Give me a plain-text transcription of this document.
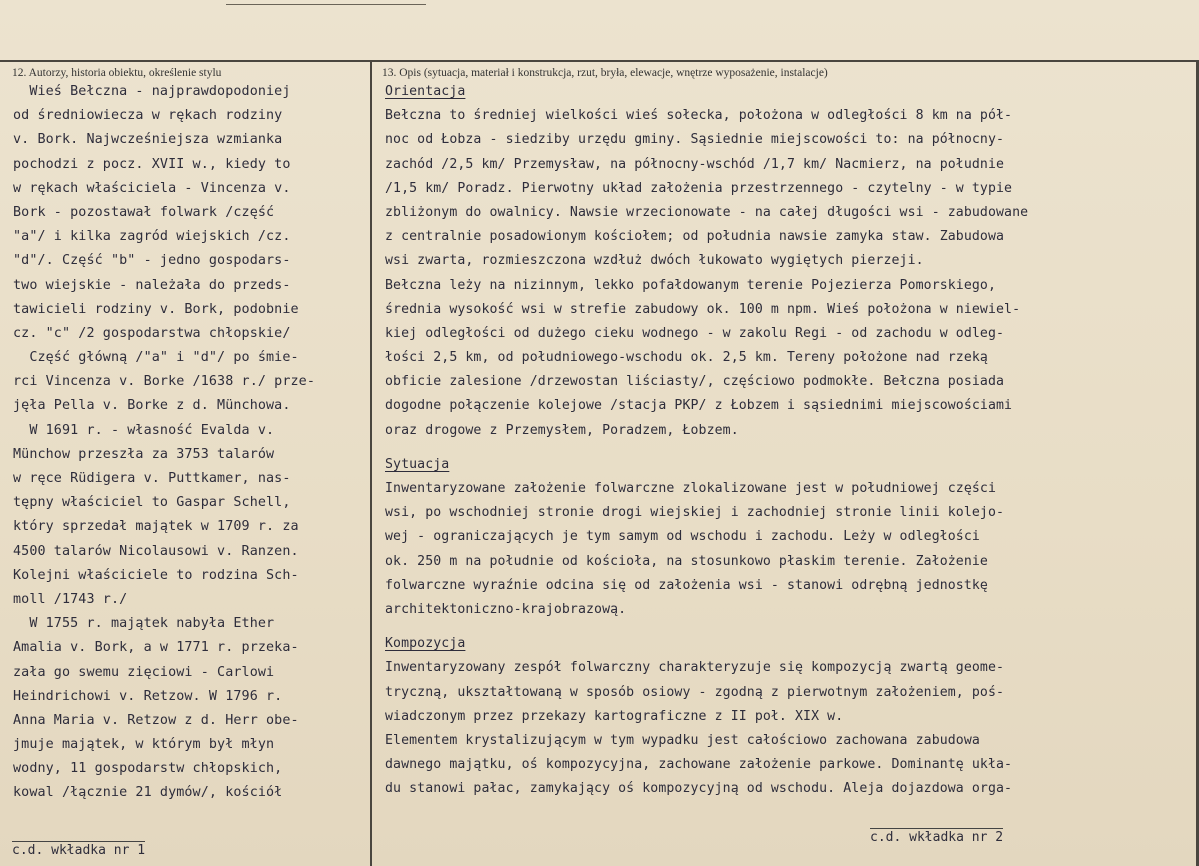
12. Autorzy, historia obiektu, określenie stylu	13. Opis (sytuacja, materiał i konstrukcja, rzut, bryła, elewacje, wnętrze wyposażenie, instalacje)
Wieś Bełczna - najprawdopodoniej
od średniowiecza w rękach rodziny
v. Bork. Najwcześniejsza wzmianka
pochodzi z pocz. XVII w., kiedy to
w rękach właściciela - Vincenza v.
Bork - pozostawał folwark /część
"a"/ i kilka zagród wiejskich /cz.
"d"/. Część "b" - jedno gospodars-
two wiejskie - należała do przeds-
tawicieli rodziny v. Bork, podobnie
cz. "c" /2 gospodarstwa chłopskie/
Część główną /"a" i "d"/ po śmie-
rci Vincenza v. Borke /1638 r./ prze-
jęła Pella v. Borke z d. Münchowa.
W 1691 r. - własność Evalda v.
Münchow przeszła za 3753 talarów
w ręce Rüdigera v. Puttkamer, nas-
tępny właściciel to Gaspar Schell,
który sprzedał majątek w 1709 r. za
4500 talarów Nicolausowi v. Ranzen.
Kolejni właściciele to rodzina Sch-
moll /1743 r./
W 1755 r. majątek nabyła Ether
Amalia v. Bork, a w 1771 r. przeka-
zała go swemu zięciowi - Carlowi
Heindrichowi v. Retzow. W 1796 r.
Anna Maria v. Retzow z d. Herr obe-
jmuje majątek, w którym był młyn
wodny, 11 gospodarstw chłopskich,
kowal /łącznie 21 dymów/, kościół
Orientacja
Bełczna to średniej wielkości wieś sołecka, położona w odległości 8 km na pół-
noc od Łobza - siedziby urzędu gminy. Sąsiednie miejscowości to: na północny-
zachód /2,5 km/ Przemysław, na północny-wschód /1,7 km/ Nacmierz, na południe
/1,5 km/ Poradz. Pierwotny układ założenia przestrzennego - czytelny - w typie
zbliżonym do owalnicy. Nawsie wrzecionowate - na całej długości wsi - zabudowane
z centralnie posadowionym kościołem; od południa nawsie zamyka staw. Zabudowa
wsi zwarta, rozmieszczona wzdłuż dwóch łukowato wygiętych pierzeji.
Bełczna leży na nizinnym, lekko pofałdowanym terenie Pojezierza Pomorskiego,
średnia wysokość wsi w strefie zabudowy ok. 100 m npm. Wieś położona w niewiel-
kiej odległości od dużego cieku wodnego - w zakolu Regi - od zachodu w odleg-
łości 2,5 km, od południowego-wschodu ok. 2,5 km. Tereny położone nad rzeką
obficie zalesione /drzewostan liściasty/, częściowo podmokłe. Bełczna posiada
dogodne połączenie kolejowe /stacja PKP/ z Łobzem i sąsiednimi miejscowościami
oraz drogowe z Przemysłem, Poradzem, Łobzem.
Sytuacja
Inwentaryzowane założenie folwarczne zlokalizowane jest w południowej części
wsi, po wschodniej stronie drogi wiejskiej i zachodniej stronie linii kolejo-
wej - ograniczających je tym samym od wschodu i zachodu. Leży w odległości
ok. 250 m na południe od kościoła, na stosunkowo płaskim terenie. Założenie
folwarczne wyraźnie odcina się od założenia wsi - stanowi odrębną jednostkę
architektoniczno-krajobrazową.
Kompozycja
Inwentaryzowany zespół folwarczny charakteryzuje się kompozycją zwartą geome-
tryczną, ukształtowaną w sposób osiowy - zgodną z pierwotnym założeniem, poś-
wiadczonym przez przekazy kartograficzne z II poł. XIX w.
Elementem krystalizującym w tym wypadku jest całościowo zachowana zabudowa
dawnego majątku, oś kompozycyjna, zachowane założenie parkowe. Dominantę ukła-
du stanowi pałac, zamykający oś kompozycyjną od wschodu. Aleja dojazdowa orga-
c.d. wkładka nr 1
c.d. wkładka nr 2
